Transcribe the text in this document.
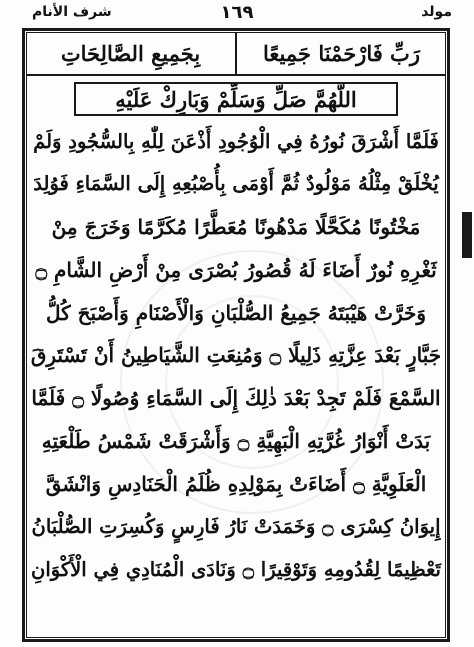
مولد
١٦٩
شرف الأنام
رَبِّ فَارْحَمْنَا جَمِيعًا
بِجَمِيعِ الصَّالِحَاتِ
اللَّهُمَّ صَلِّ وَسَلِّمْ وَبَارِكْ عَلَيْهِ
فَلَمَّا أَشْرَقَ نُورُهُ فِي الْوُجُودِ أَذْعَنَ لِلّٰهِ بِالسُّجُودِ وَلَمْ
يُخْلَقْ مِثْلُهُ مَوْلُودٌ ثُمَّ أَوْمَى بِأُصْبُعِهِ إِلَى السَّمَاءِ فَوُلِدَ
مَخْتُونًا مُكَحَّلًا مَدْهُونًا مُعَطَّرًا مُكَرَّمًا وَخَرَجَ مِنْ
ثَغْرِهِ نُورٌ أَضَاءَ لَهُ قُصُورُ بُصْرَى مِنْ أَرْضِ الشَّامِ ۝
وَخَرَّتْ هَيْبَتَهُ جَمِيعُ الصُّلْبَانِ وَالْأَصْنَامِ وَأَصْبَحَ كُلُّ
جَبَّارٍ بَعْدَ عِزَّتِهِ ذَلِيلًا ۝ وَمُنِعَتِ الشَّيَاطِينُ أَنْ تَسْتَرِقَ
السَّمْعَ فَلَمْ تَجِدْ بَعْدَ ذٰلِكَ إِلَى السَّمَاءِ وُصُولًا ۝ فَلَمَّا
بَدَتْ أَنْوَارُ غُرَّتِهِ الْبَهِيَّةِ ۝ وَأَشْرَقَتْ شَمْسُ طَلْعَتِهِ
الْعَلَوِيَّةِ ۝ أَضَاءَتْ بِمَوْلِدِهِ ظُلَمُ الْحَنَادِسِ وَانْشَقَّ
إِيوَانُ كِسْرَى ۝ وَخَمَدَتْ نَارُ فَارِسٍ وَكُسِرَتِ الصُّلْبَانُ
تَعْظِيمًا لِقُدُومِهِ وَتَوْقِيرًا ۝ وَنَادَى الْمُنَادِي فِي الْأَكْوَانِ
